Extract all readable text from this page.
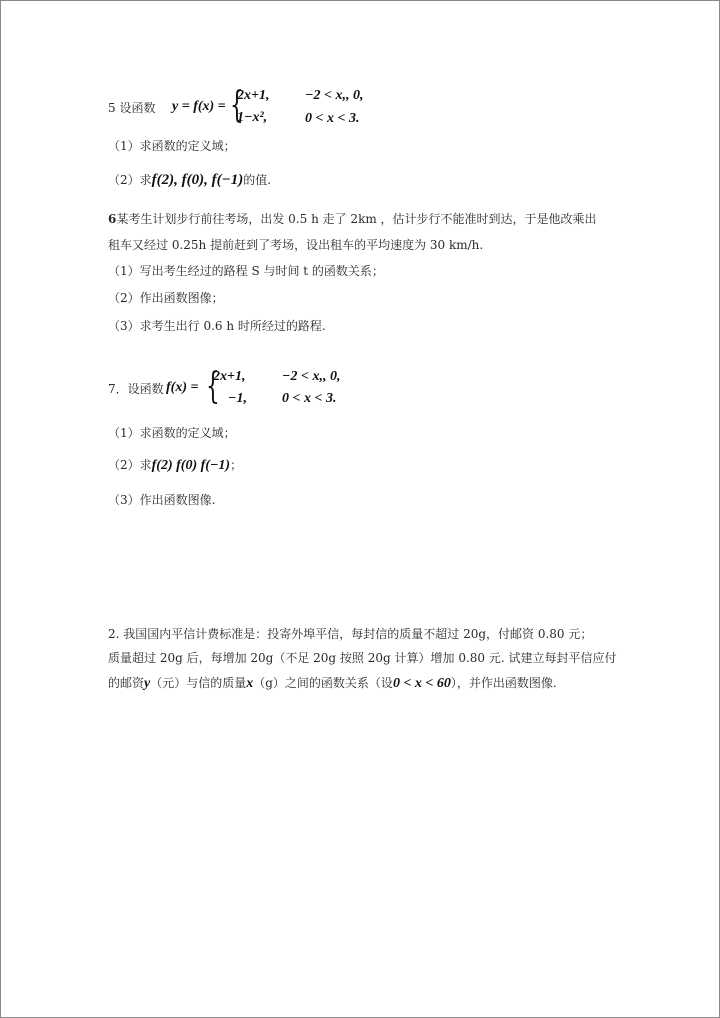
5 设函数 y = f(x) = {
2x+1,	−2 < x,, 0,
1−x²,	0 < x < 3.
（1）求函数的定义域；
（2）求f(2), f(0), f(−1)的值.
6某考生计划步行前往考场，出发 0.5 h 走了 2km ，估计步行不能准时到达，于是他改乘出
租车又经过 0.25h 提前赶到了考场，设出租车的平均速度为 30 km/h.
（1）写出考生经过的路程 S 与时间 t 的函数关系；
（2）作出函数图像；
（3）求考生出行 0.6 h 时所经过的路程.
7．设函数 f(x) = {
2x+1,	−2 < x,, 0,
−1,	0 < x < 3.
（1）求函数的定义域；
（2）求f(2) f(0) f(−1)；
（3）作出函数图像.
2. 我国国内平信计费标准是：投寄外埠平信，每封信的质量不超过 20g，付邮资 0.80 元；
质量超过 20g 后，每增加 20g（不足 20g 按照 20g 计算）增加 0.80 元. 试建立每封平信应付
的邮资y（元）与信的质量x（g）之间的函数关系（设0 < x < 60），并作出函数图像.
